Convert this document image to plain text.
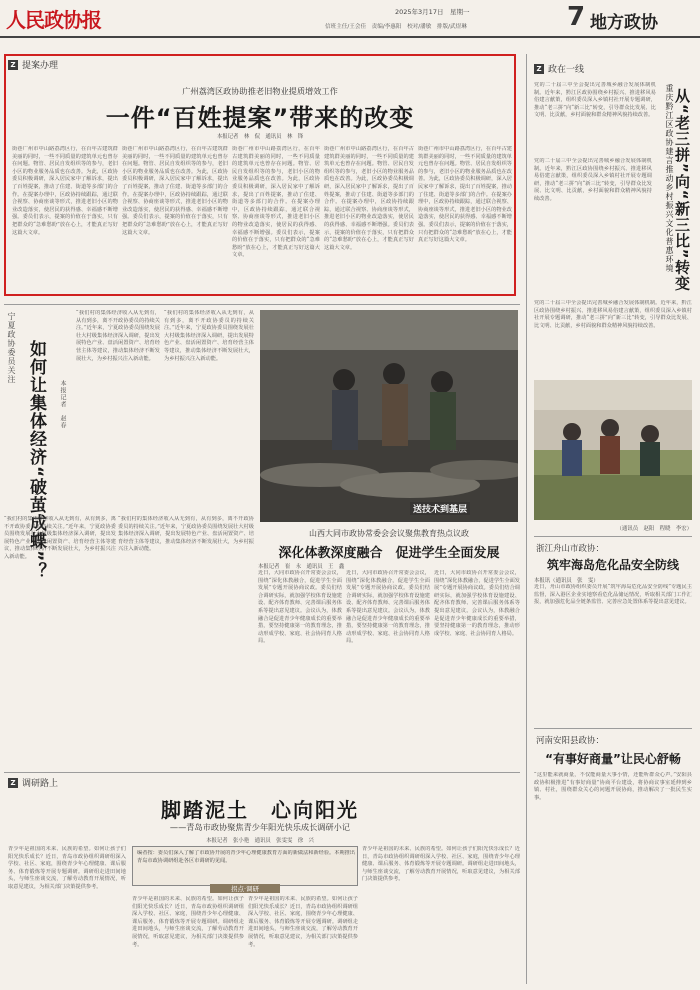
人民政协报	2025年3月17日　星期一
信班主任/王会佳　责编/李惠阳　校对/潘敏　排版/武煜琳	7 地方政协
Z 提案办理
广州荔湾区政协助推老旧物业提质增效工作
一件“百姓提案”带来的改变
本报记者　林　侃　通讯员　林　锋
街巷广州市中山路荔湾区行，在百年古建筑群美丽的同时，一些不同质量的建筑单元也曾存在问题。物管、居民自发组织等的参与，老旧小区的物业服务品质也在改善。为此，区政协委员积极调研，深入居民家中了解诉求，提出了百姓提案，推动了住建、街道等多部门的合作。在提案办理中，区政协持续跟踪，通过联合视察、协商座谈等形式，推进老旧小区的物业改造落实，使居民的获得感、幸福感不断增强。委员们表示，提案的价值在于落实，只有把群众的“急难愁盼”放在心上，才能真正写好这篇大文章。
街巷广州市中山路荔湾区行，在百年古建筑群美丽的同时，一些不同质量的建筑单元也曾存在问题。物管、居民自发组织等的参与，老旧小区的物业服务品质也在改善。为此，区政协委员积极调研，深入居民家中了解诉求，提出了百姓提案，推动了住建、街道等多部门的合作。在提案办理中，区政协持续跟踪，通过联合视察、协商座谈等形式，推进老旧小区的物业改造落实，使居民的获得感、幸福感不断增强。委员们表示，提案的价值在于落实，只有把群众的“急难愁盼”放在心上，才能真正写好这篇大文章。
街巷广州市中山路荔湾区行，在百年古建筑群美丽的同时，一些不同质量的建筑单元也曾存在问题。物管、居民自发组织等的参与，老旧小区的物业服务品质也在改善。为此，区政协委员积极调研，深入居民家中了解诉求，提出了百姓提案，推动了住建、街道等多部门的合作。在提案办理中，区政协持续跟踪，通过联合视察、协商座谈等形式，推进老旧小区的物业改造落实，使居民的获得感、幸福感不断增强。委员们表示，提案的价值在于落实，只有把群众的“急难愁盼”放在心上，才能真正写好这篇大文章。
街巷广州市中山路荔湾区行，在百年古建筑群美丽的同时，一些不同质量的建筑单元也曾存在问题。物管、居民自发组织等的参与，老旧小区的物业服务品质也在改善。为此，区政协委员积极调研，深入居民家中了解诉求，提出了百姓提案，推动了住建、街道等多部门的合作。在提案办理中，区政协持续跟踪，通过联合视察、协商座谈等形式，推进老旧小区的物业改造落实，使居民的获得感、幸福感不断增强。委员们表示，提案的价值在于落实，只有把群众的“急难愁盼”放在心上，才能真正写好这篇大文章。
街巷广州市中山路荔湾区行，在百年古建筑群美丽的同时，一些不同质量的建筑单元也曾存在问题。物管、居民自发组织等的参与，老旧小区的物业服务品质也在改善。为此，区政协委员积极调研，深入居民家中了解诉求，提出了百姓提案，推动了住建、街道等多部门的合作。在提案办理中，区政协持续跟踪，通过联合视察、协商座谈等形式，推进老旧小区的物业改造落实，使居民的获得感、幸福感不断增强。委员们表示，提案的价值在于落实，只有把群众的“急难愁盼”放在心上，才能真正写好这篇大文章。
Z 政在一线
党的二十届三中全会提出完善城乡融合发展体制机制。近年来，黔江区政协围绕乡村振兴、推进移风易俗建言献策，组织委员深入乡镇村社开展专题调研，推动“老三拼”向“新三比”转变，引导群众比发展、比文明、比贡献，乡村面貌和群众精神风貌持续改善。	重庆黔江区政协建言推动乡村振兴文化普惠环境 从“老三拼”向“新三比”转变
党的二十届三中全会提出完善城乡融合发展体制机制。近年来，黔江区政协围绕乡村振兴、推进移风易俗建言献策，组织委员深入乡镇村社开展专题调研，推动“老三拼”向“新三比”转变，引导群众比发展、比文明、比贡献，乡村面貌和群众精神风貌持续改善。
党的二十届三中全会提出完善城乡融合发展体制机制。近年来，黔江区政协围绕乡村振兴、推进移风易俗建言献策，组织委员深入乡镇村社开展专题调研，推动“老三拼”向“新三比”转变，引导群众比发展、比文明、比贡献，乡村面貌和群众精神风貌持续改善。
（通讯员　赵阳　程晓　李宏）
浙江舟山市政协：
筑牢海岛危化品安全防线
本报讯（通讯员　张　雯）
近日，舟山市政协组织委员开展“筑牢海岛危化品安全防线”专题民主监督，深入港区企业实地察看危化品储运情况，听取相关部门工作汇报，就加强危化品全链条监管、完善应急处置体系等提出意见建议。
河南安阳县政协：
“有事好商量”让民心舒畅
“这里能来就商量，不仅能商量大事小情，还能听群众心声。”安阳县政协积极推进“有事好商量”协商平台建设，将协商议事室延伸到乡镇、村社，围绕群众关心的问题开展协商，推动解决了一批民生实事。
宁夏政协委员关注 如何让集体经济“破茧成蝶”？	本报记者　赵春
“我们村的集体经济收入从无到有，从有到多，离不开政协委员的持续关注。”近年来，宁夏政协委员围绕发展壮大村级集体经济深入调研，提出发展特色产业、盘活闲置资产、培育经营主体等建议，推动集体经济不断发展壮大，为乡村振兴注入新动能。
“我们村的集体经济收入从无到有，从有到多，离不开政协委员的持续关注。”近年来，宁夏政协委员围绕发展壮大村级集体经济深入调研，提出发展特色产业、盘活闲置资产、培育经营主体等建议，推动集体经济不断发展壮大，为乡村振兴注入新动能。
“我们村的集体经济收入从无到有，从有到多，离不开政协委员的持续关注。”近年来，宁夏政协委员围绕发展壮大村级集体经济深入调研，提出发展特色产业、盘活闲置资产、培育经营主体等建议，推动集体经济不断发展壮大，为乡村振兴注入新动能。
“我们村的集体经济收入从无到有，从有到多，离不开政协委员的持续关注。”近年来，宁夏政协委员围绕发展壮大村级集体经济深入调研，提出发展特色产业、盘活闲置资产、培育经营主体等建议，推动集体经济不断发展壮大，为乡村振兴注入新动能。
送技术到基层
山西大同市政协常委会会议聚焦教育热点议政
深化体教深度融合　促进学生全面发展
本报记者　崔　永　通讯员　王　鑫
近日，大同市政协召开常委会会议，围绕“深化体教融合，促进学生全面发展”专题开展协商议政。委员们结合调研实际，就加强学校体育设施建设、配齐体育教师、完善课后服务体系等提出意见建议。会议认为，体教融合是促进青少年健康成长的重要举措，要坚持健康第一的教育理念，推动形成学校、家庭、社会协同育人格局。
近日，大同市政协召开常委会会议，围绕“深化体教融合，促进学生全面发展”专题开展协商议政。委员们结合调研实际，就加强学校体育设施建设、配齐体育教师、完善课后服务体系等提出意见建议。会议认为，体教融合是促进青少年健康成长的重要举措，要坚持健康第一的教育理念，推动形成学校、家庭、社会协同育人格局。
近日，大同市政协召开常委会会议，围绕“深化体教融合，促进学生全面发展”专题开展协商议政。委员们结合调研实际，就加强学校体育设施建设、配齐体育教师、完善课后服务体系等提出意见建议。会议认为，体教融合是促进青少年健康成长的重要举措，要坚持健康第一的教育理念，推动形成学校、家庭、社会协同育人格局。
Z 调研路上
脚踏泥土　心向阳光
——青岛市政协聚焦青少年阳光快乐成长调研小记
本报记者　张小艳　通讯员　张雯雯　徐　兴
青少年是祖国的未来、民族的希望。如何让孩子们阳光快乐成长？近日，青岛市政协组织调研组深入学校、社区、家庭，围绕青少年心理健康、课后服务、体育锻炼等开展专题调研。调研组走进田间地头，与师生座谈交流，了解劳动教育开展情况，听取意见建议，为相关部门决策提供参考。
编者按：委员们深入了解了市政协开展的青少年心理健康教育方面的新做法和新经验。本期推出青岛市政协调研组赴各区市调研的见闻。
拐点·调研
青少年是祖国的未来、民族的希望。如何让孩子们阳光快乐成长？近日，青岛市政协组织调研组深入学校、社区、家庭，围绕青少年心理健康、课后服务、体育锻炼等开展专题调研。调研组走进田间地头，与师生座谈交流，了解劳动教育开展情况，听取意见建议，为相关部门决策提供参考。
青少年是祖国的未来、民族的希望。如何让孩子们阳光快乐成长？近日，青岛市政协组织调研组深入学校、社区、家庭，围绕青少年心理健康、课后服务、体育锻炼等开展专题调研。调研组走进田间地头，与师生座谈交流，了解劳动教育开展情况，听取意见建议，为相关部门决策提供参考。
青少年是祖国的未来、民族的希望。如何让孩子们阳光快乐成长？近日，青岛市政协组织调研组深入学校、社区、家庭，围绕青少年心理健康、课后服务、体育锻炼等开展专题调研。调研组走进田间地头，与师生座谈交流，了解劳动教育开展情况，听取意见建议，为相关部门决策提供参考。
